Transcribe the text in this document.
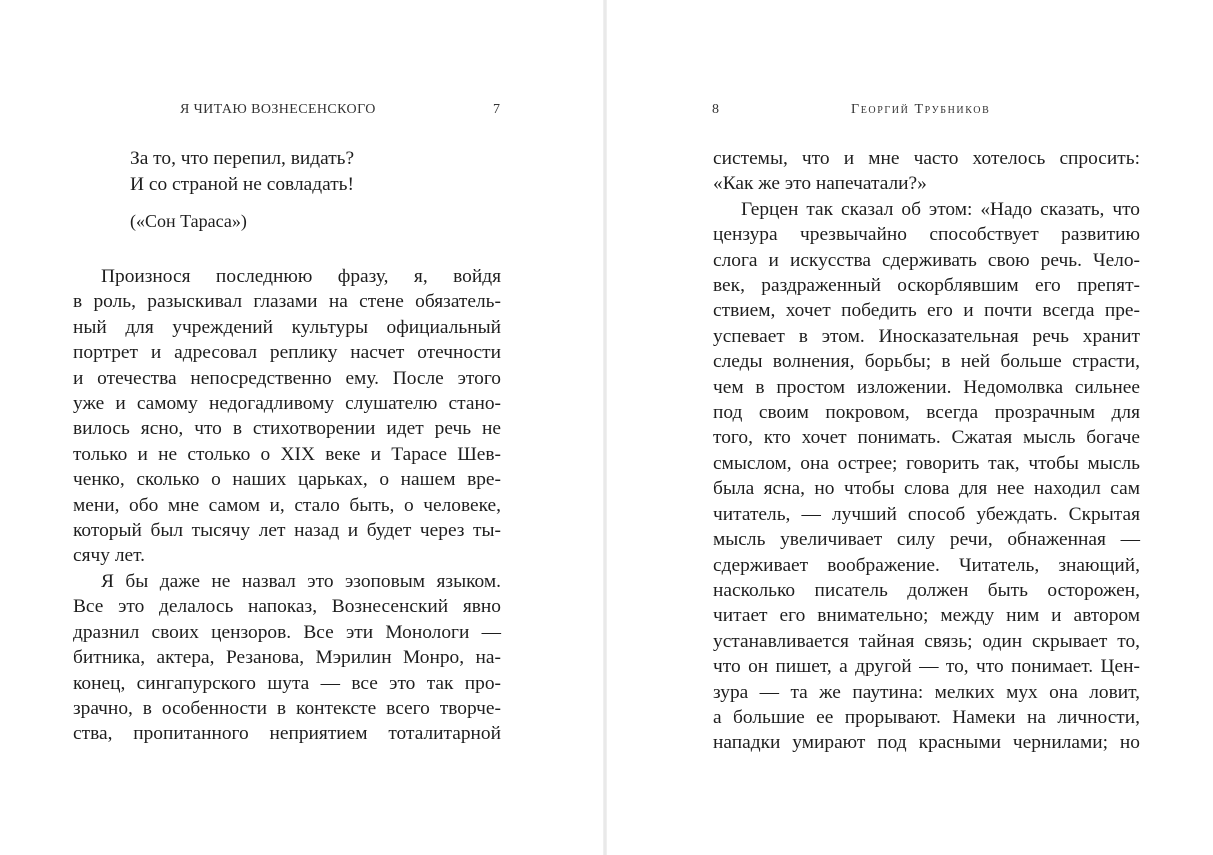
Я ЧИТАЮ ВОЗНЕСЕНСКОГО	7
За то, что перепил, видать?
И со страной не совладать!
(«Сон Тараса»)
Произнося последнюю фразу, я, войдя
в роль, разыскивал глазами на стене обязатель-
ный для учреждений культуры официальный
портрет и адресовал реплику насчет отечности
и отечества непосредственно ему. После этого
уже и самому недогадливому слушателю стано-
вилось ясно, что в стихотворении идет речь не
только и не столько о XIX веке и Тарасе Шев-
ченко, сколько о наших царьках, о нашем вре-
мени, обо мне самом и, стало быть, о человеке,
который был тысячу лет назад и будет через ты-
сячу лет.
Я бы даже не назвал это эзоповым языком.
Все это делалось напоказ, Вознесенский явно
дразнил своих цензоров. Все эти Монологи —
битника, актера, Резанова, Мэрилин Монро, на-
конец, сингапурского шута — все это так про-
зрачно, в особенности в контексте всего творче-
ства, пропитанного неприятием тоталитарной
8	Георгий Трубников
системы, что и мне часто хотелось спросить:
«Как же это напечатали?»
Герцен так сказал об этом: «Надо сказать, что
цензура чрезвычайно способствует развитию
слога и искусства сдерживать свою речь. Чело-
век, раздраженный оскорблявшим его препят-
ствием, хочет победить его и почти всегда пре-
успевает в этом. Иносказательная речь хранит
следы волнения, борьбы; в ней больше страсти,
чем в простом изложении. Недомолвка сильнее
под своим покровом, всегда прозрачным для
того, кто хочет понимать. Сжатая мысль богаче
смыслом, она острее; говорить так, чтобы мысль
была ясна, но чтобы слова для нее находил сам
читатель, — лучший способ убеждать. Скрытая
мысль увеличивает силу речи, обнаженная —
сдерживает воображение. Читатель, знающий,
насколько писатель должен быть осторожен,
читает его внимательно; между ним и автором
устанавливается тайная связь; один скрывает то,
что он пишет, а другой — то, что понимает. Цен-
зура — та же паутина: мелких мух она ловит,
а большие ее прорывают. Намеки на личности,
нападки умирают под красными чернилами; но
